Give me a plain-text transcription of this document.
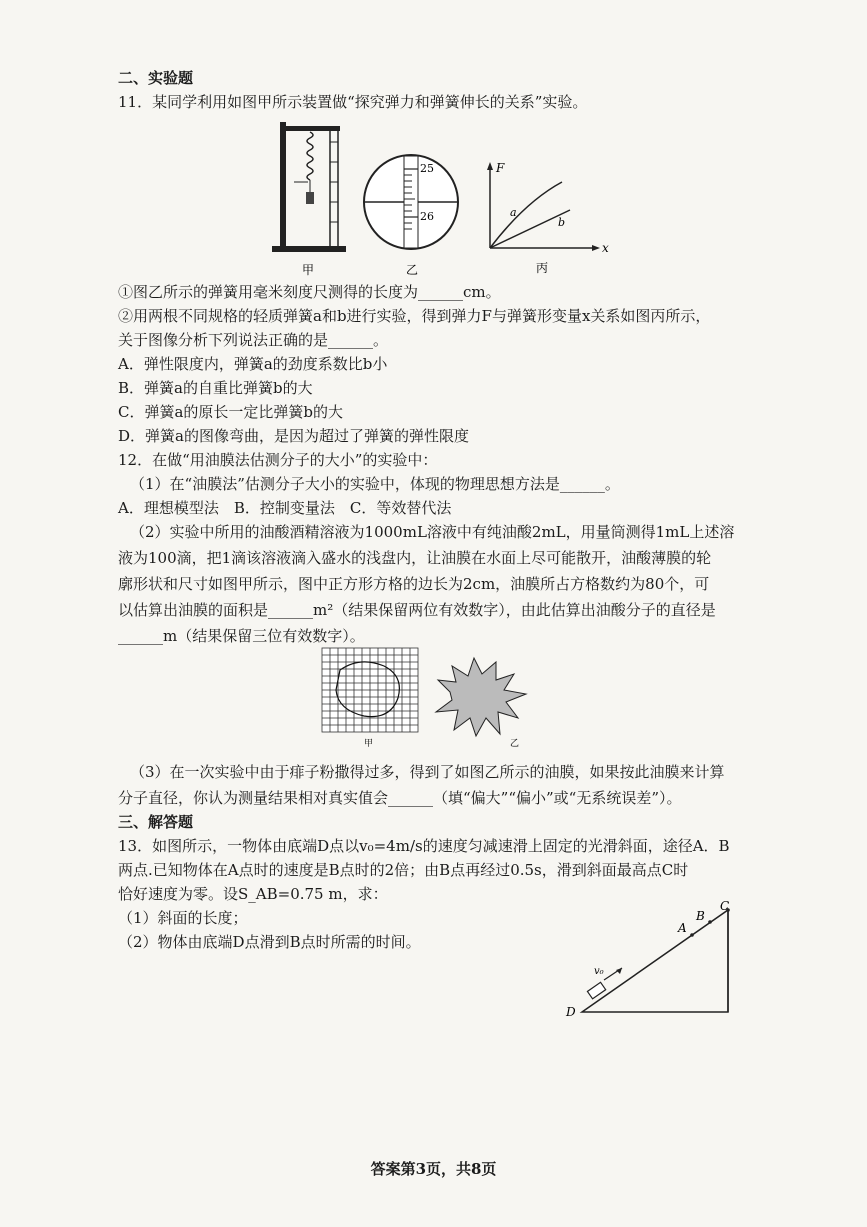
二、实验题
11．某同学利用如图甲所示装置做“探究弹力和弹簧伸长的关系”实验。
甲
25
26
乙
F
x
a
b
丙
①图乙所示的弹簧用毫米刻度尺测得的长度为______cm。
②用两根不同规格的轻质弹簧a和b进行实验，得到弹力F与弹簧形变量x关系如图丙所示，
关于图像分析下列说法正确的是______。
A．弹性限度内，弹簧a的劲度系数比b小
B．弹簧a的自重比弹簧b的大
C．弹簧a的原长一定比弹簧b的大
D．弹簧a的图像弯曲，是因为超过了弹簧的弹性限度
12．在做“用油膜法估测分子的大小”的实验中：
（1）在“油膜法”估测分子大小的实验中，体现的物理思想方法是______。
A．理想模型法　B．控制变量法　C．等效替代法
（2）实验中所用的油酸酒精溶液为1000mL溶液中有纯油酸2mL，用量筒测得1mL上述溶
液为100滴，把1滴该溶液滴入盛水的浅盘内，让油膜在水面上尽可能散开，油酸薄膜的轮
廓形状和尺寸如图甲所示，图中正方形方格的边长为2cm，油膜所占方格数约为80个，可
以估算出油膜的面积是______m²（结果保留两位有效数字），由此估算出油酸分子的直径是
______m（结果保留三位有效数字）。
甲	乙
（3）在一次实验中由于痱子粉撒得过多，得到了如图乙所示的油膜，如果按此油膜来计算
分子直径，你认为测量结果相对真实值会______（填“偏大”“偏小”或“无系统误差”）。
三、解答题
13．如图所示，一物体由底端D点以v₀=4m/s的速度匀减速滑上固定的光滑斜面，途径A．B
两点.已知物体在A点时的速度是B点时的2倍；由B点再经过0.5s，滑到斜面最高点C时
恰好速度为零。设S_AB=0.75 m，求：
（1）斜面的长度；
（2）物体由底端D点滑到B点时所需的时间。
v₀
A
B
C
D
答案第3页，共8页
